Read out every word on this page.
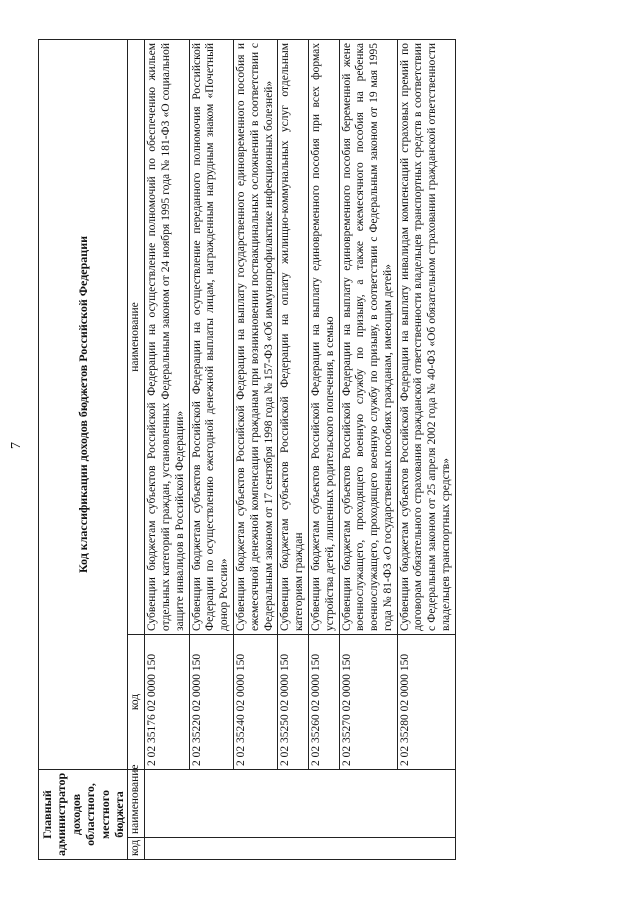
7
Главный администратор доходов областного, местного бюджета		Код классификации доходов бюджетов Российской Федерации	
код	наименование	код	наименование
		2 02 35176 02 0000 150	Субвенции бюджетам субъектов Российской Федерации на осуществление полномочий по обеспечению жильем отдельных категорий граждан, установленных Федеральным законом от 24 ноября 1995 года № 181-ФЗ «О социальной защите инвалидов в Российской Федерации»
		2 02 35220 02 0000 150	Субвенции бюджетам субъектов Российской Федерации на осуществление переданного полномочия Российской Федерации по осуществлению ежегодной денежной выплаты лицам, награжденным нагрудным знаком «Почетный донор России»
		2 02 35240 02 0000 150	Субвенции бюджетам субъектов Российской Федерации на выплату государственного единовременного пособия и ежемесячной денежной компенсации гражданам при возникновении поствакцинальных осложнений в соответствии с Федеральным законом от 17 сентября 1998 года № 157-ФЗ «Об иммунопрофилактике инфекционных болезней»
		2 02 35250 02 0000 150	Субвенции бюджетам субъектов Российской Федерации на оплату жилищно-коммунальных услуг отдельным категориям граждан
		2 02 35260 02 0000 150	Субвенции бюджетам субъектов Российской Федерации на выплату единовременного пособия при всех формах устройства детей, лишенных родительского попечения, в семью
		2 02 35270 02 0000 150	Субвенции бюджетам субъектов Российской Федерации на выплату единовременного пособия беременной жене военнослужащего, проходящего военную службу по призыву, а также ежемесячного пособия на ребенка военнослужащего, проходящего военную службу по призыву, в соответствии с Федеральным законом от 19 мая 1995 года № 81-ФЗ «О государственных пособиях гражданам, имеющим детей»
		2 02 35280 02 0000 150	Субвенции бюджетам субъектов Российской Федерации на выплату инвалидам компенсаций страховых премий по договорам обязательного страхования гражданской ответственности владельцев транспортных средств в соответствии с Федеральным законом от 25 апреля 2002 года № 40-ФЗ «Об обязательном страховании гражданской ответственности владельцев транспортных средств»
